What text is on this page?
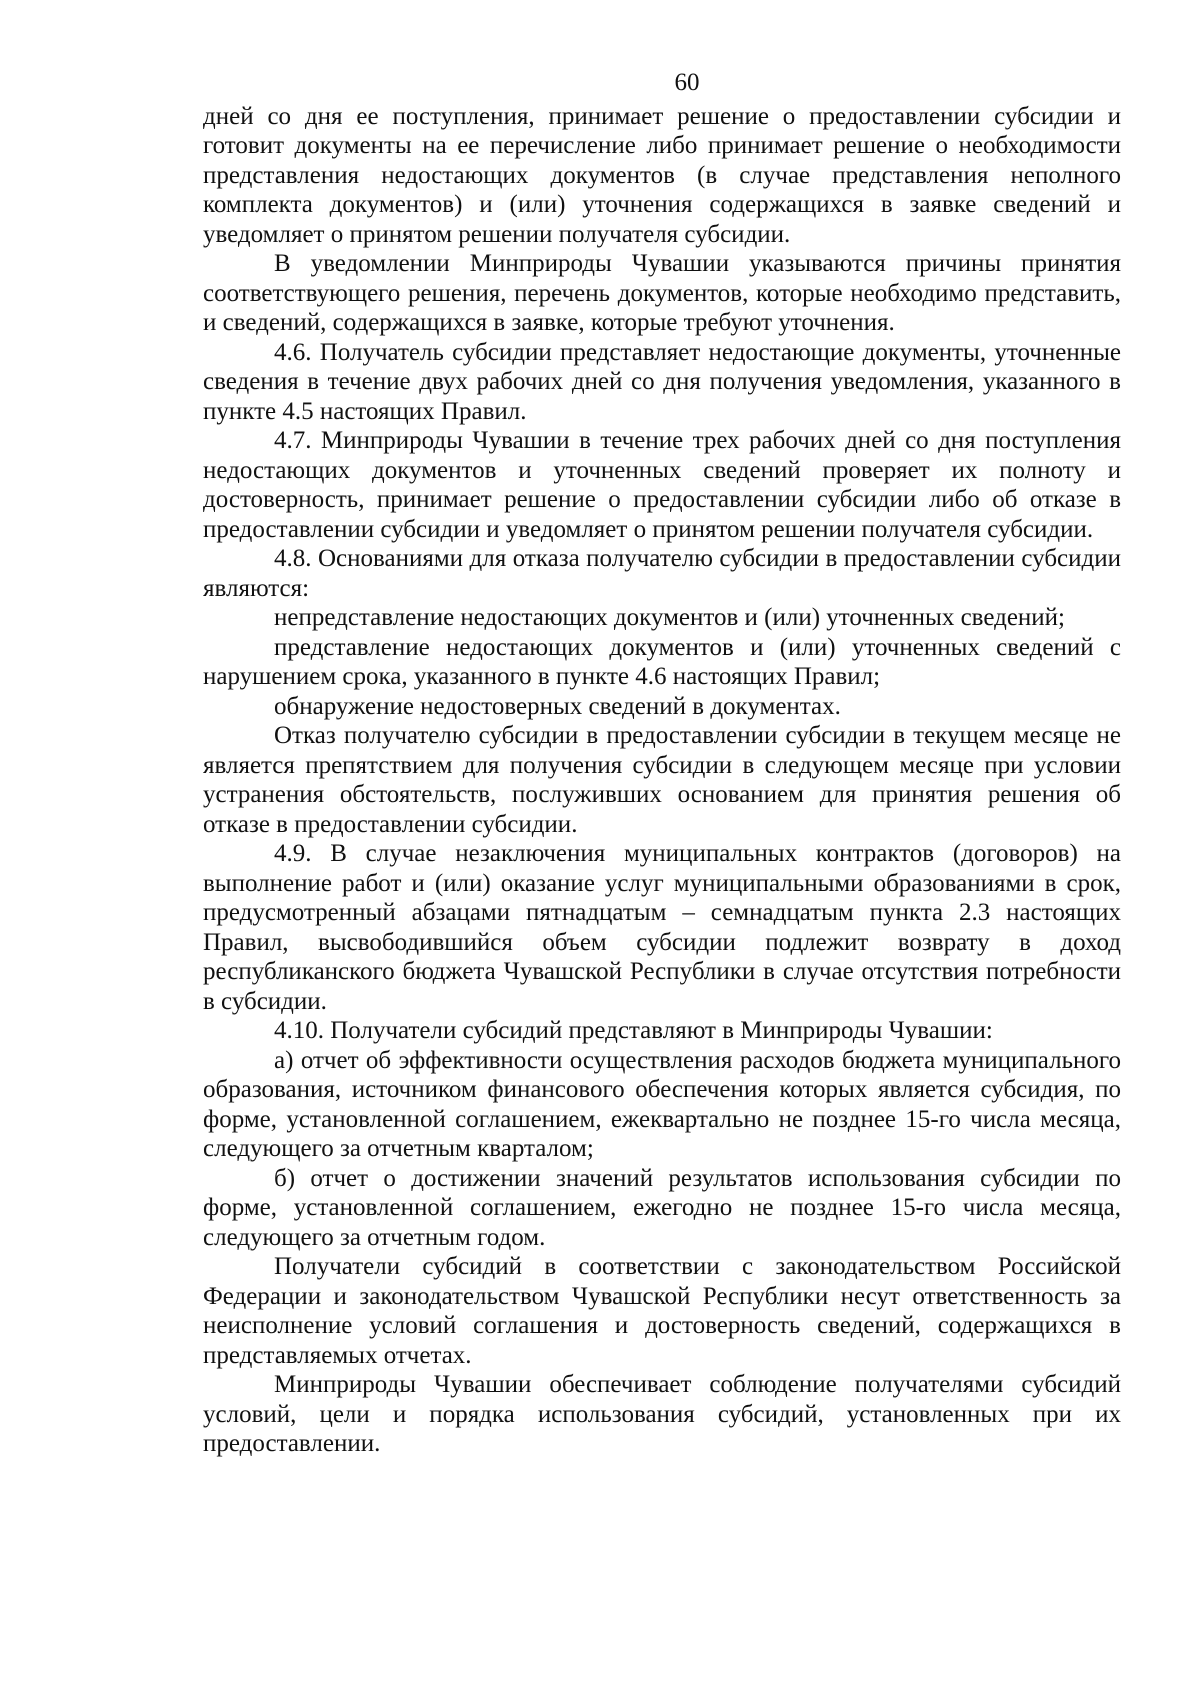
60

дней со дня ее поступления, принимает решение о предоставлении субсидии и готовит документы на ее перечисление либо принимает решение о необходимости представления недостающих документов (в случае представления неполного комплекта документов) и (или) уточнения содержащихся в заявке сведений и уведомляет о принятом решении получателя субсидии.

В уведомлении Минприроды Чувашии указываются причины принятия соответствующего решения, перечень документов, которые необходимо представить, и сведений, содержащихся в заявке, которые требуют уточнения.

4.6. Получатель субсидии представляет недостающие документы, уточненные сведения в течение двух рабочих дней со дня получения уведомления, указанного в пункте 4.5 настоящих Правил.

4.7. Минприроды Чувашии в течение трех рабочих дней со дня поступления недостающих документов и уточненных сведений проверяет их полноту и достоверность, принимает решение о предоставлении субсидии либо об отказе в предоставлении субсидии и уведомляет о принятом решении получателя субсидии.

4.8. Основаниями для отказа получателю субсидии в предоставлении субсидии являются:

непредставление недостающих документов и (или) уточненных сведений;

представление недостающих документов и (или) уточненных сведений с нарушением срока, указанного в пункте 4.6 настоящих Правил;

обнаружение недостоверных сведений в документах.

Отказ получателю субсидии в предоставлении субсидии в текущем месяце не является препятствием для получения субсидии в следующем месяце при условии устранения обстоятельств, послуживших основанием для принятия решения об отказе в предоставлении субсидии.

4.9. В случае незаключения муниципальных контрактов (договоров) на выполнение работ и (или) оказание услуг муниципальными образованиями в срок, предусмотренный абзацами пятнадцатым – семнадцатым пункта 2.3 настоящих Правил, высвободившийся объем субсидии подлежит возврату в доход республиканского бюджета Чувашской Республики в случае отсутствия потребности в субсидии.

4.10. Получатели субсидий представляют в Минприроды Чувашии:

а) отчет об эффективности осуществления расходов бюджета муниципального образования, источником финансового обеспечения которых является субсидия, по форме, установленной соглашением, ежеквартально не позднее 15-го числа месяца, следующего за отчетным кварталом;

б) отчет о достижении значений результатов использования субсидии по форме, установленной соглашением, ежегодно не позднее 15-го числа месяца, следующего за отчетным годом.

Получатели субсидий в соответствии с законодательством Российской Федерации и законодательством Чувашской Республики несут ответственность за неисполнение условий соглашения и достоверность сведений, содержащихся в представляемых отчетах.

Минприроды Чувашии обеспечивает соблюдение получателями субсидий условий, цели и порядка использования субсидий, установленных при их предоставлении.
